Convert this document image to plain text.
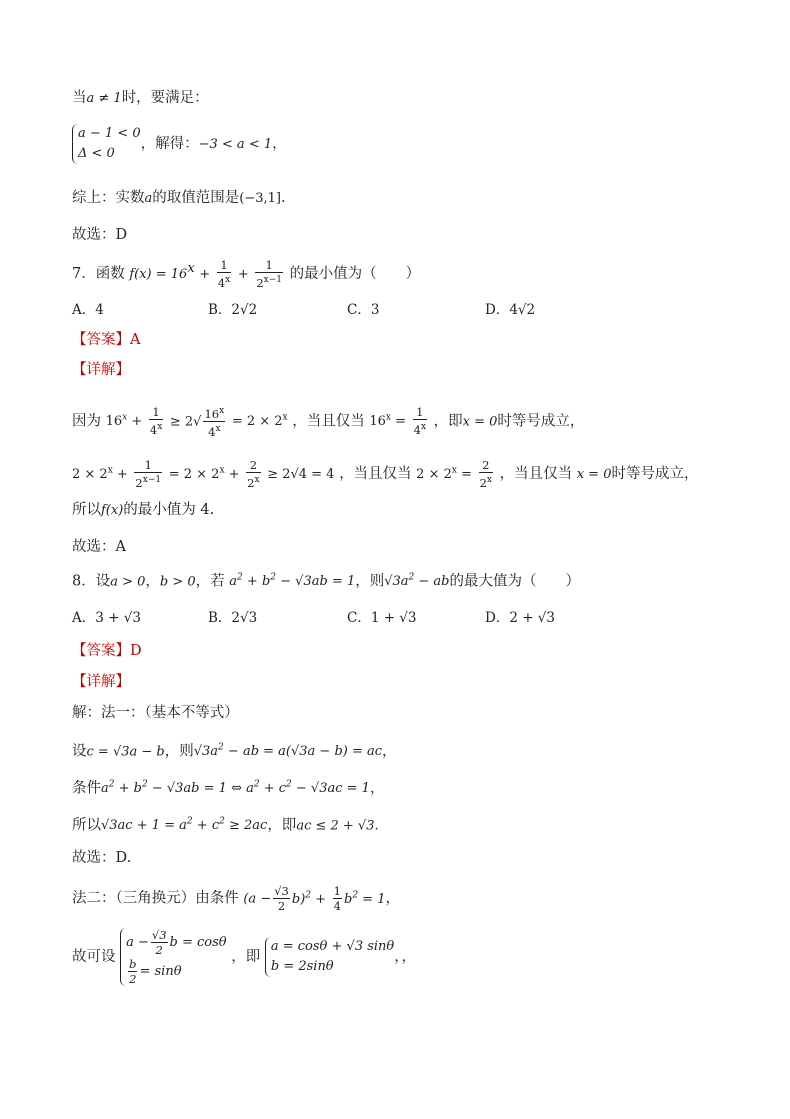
当a ≠ 1时，要满足：
a − 1 < 0
Δ < 0，解得：−3 < a < 1，
综上：实数a的取值范围是(−3,1].
故选：D
7．函数 $f(x) = 16^x + \frac{1}{4^x} + \frac{1}{2^{x-1}}$ 的最小值为（　　）
A．4	B．2√2	C．3	D．4√2
【答案】A
【详解】
因为 $16^x + \frac{1}{4^x} \ge 2√ \frac{16^x}{4^x} = 2 \times 2^x$ ，当且仅当 $16^x = \frac{1}{4^x}$ ，即x = 0时等号成立，
$2 \times 2^x + \frac{1}{2^{x-1}} = 2 \times 2^x + \frac{2}{2^x} \ge 2√4 = 4$ ，当且仅当 $2 \times 2^x = \frac{2}{2^x}$ ，当且仅当 x = 0时等号成立，
所以f(x)的最小值为 4.
故选：A
8．设a > 0，b > 0，若 $a^2 + b^2 - √3ab = 1$，则$√3a^2$ − ab的最大值为（　　）
A．3 + √3	B．2√3	C．1 + √3	D．2 + √3
【答案】D
【详解】
解：法一：（基本不等式）
设c = √3a − b，则$√3a^2$ − ab = a(√3a − b) = ac，
条件$a^2 + b^2 - √3ab = 1$ ⇔ $a^2 + c^2 - √3ac = 1$，
所以$√3ac + 1 = a^2 + c^2 \ge 2ac$，即ac ≤ 2 + √3.
故选：D.
法二：（三角换元）由条件 $(a - \frac{√3}{2} b)^2 + \frac{1}{4} b^2 = 1$，
故可设 $a - \frac{√3}{2}$ b = cosθ

$\frac{b}{2} = \sin\theta$ ，即 a = cosθ + √3 sinθ
b = 2sinθ，，
